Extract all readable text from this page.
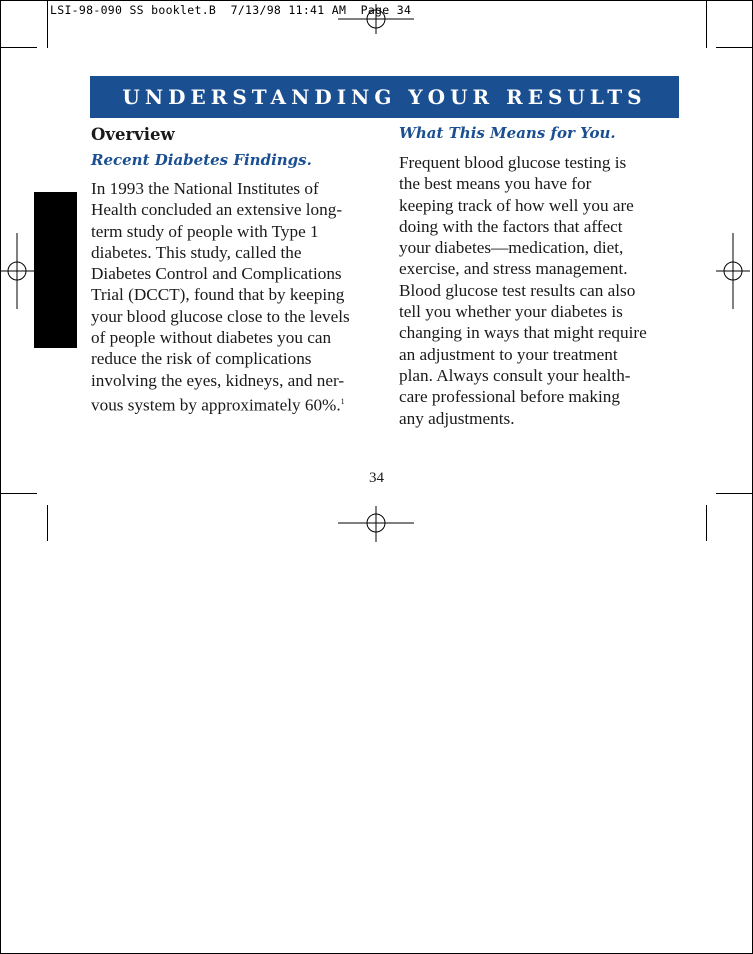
LSI-98-090 SS booklet.B  7/13/98 11:41 AM  Page 34
UNDERSTANDING YOUR RESULTS
Overview
Recent Diabetes Findings.

In 1993 the National Institutes of
Health concluded an extensive long-
term study of people with Type 1
diabetes. This study, called the
Diabetes Control and Complications
Trial (DCCT), found that by keeping
your blood glucose close to the levels
of people without diabetes you can
reduce the risk of complications
involving the eyes, kidneys, and ner-
vous system by approximately 60%.$^1$

What This Means for You.

Frequent blood glucose testing is
the best means you have for
keeping track of how well you are
doing with the factors that affect
your diabetes—medication, diet,
exercise, and stress management.
Blood glucose test results can also
tell you whether your diabetes is
changing in ways that might require
an adjustment to your treatment
plan. Always consult your health-
care professional before making
any adjustments.

34
